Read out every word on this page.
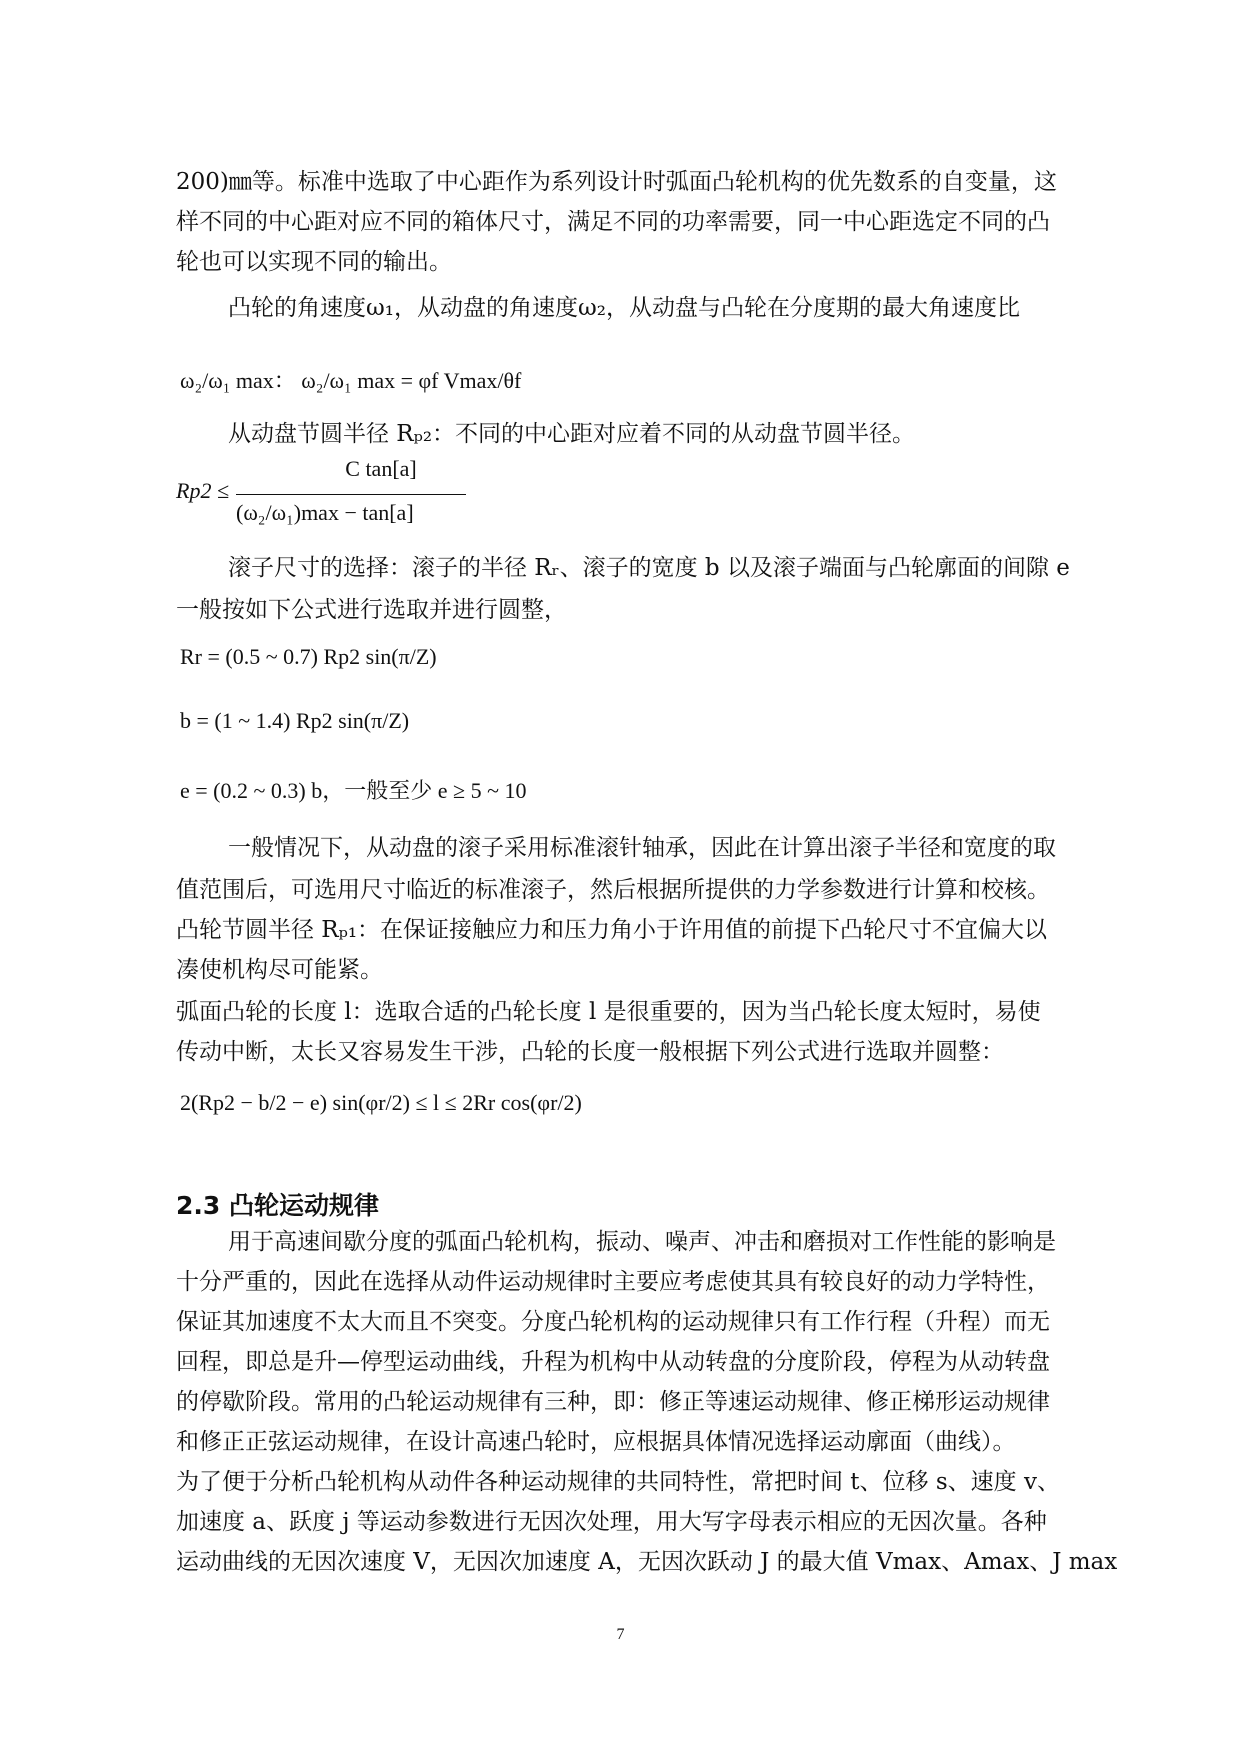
200)㎜等。标准中选取了中心距作为系列设计时弧面凸轮机构的优先数系的自变量，这
样不同的中心距对应不同的箱体尺寸，满足不同的功率需要，同一中心距选定不同的凸
轮也可以实现不同的输出。
凸轮的角速度ω₁，从动盘的角速度ω₂，从动盘与凸轮在分度期的最大角速度比
ω₂/ω₁ max： ω₂/ω₁ max = φf Vmax/θf
从动盘节圆半径 Rₚ₂：不同的中心距对应着不同的从动盘节圆半径。
Rp2 ≤
C tan[a]
(ω₂/ω₁)max − tan[a]
滚子尺寸的选择：滚子的半径 Rᵣ、滚子的宽度 b 以及滚子端面与凸轮廓面的间隙 e
一般按如下公式进行选取并进行圆整，
Rr = (0.5 ~ 0.7) Rp2 sin(π/Z)
b = (1 ~ 1.4) Rp2 sin(π/Z)
e = (0.2 ~ 0.3) b，一般至少 e ≥ 5 ~ 10
一般情况下，从动盘的滚子采用标准滚针轴承，因此在计算出滚子半径和宽度的取
值范围后，可选用尺寸临近的标准滚子，然后根据所提供的力学参数进行计算和校核。
凸轮节圆半径 Rₚ₁：在保证接触应力和压力角小于许用值的前提下凸轮尺寸不宜偏大以
凑使机构尽可能紧。
弧面凸轮的长度 l：选取合适的凸轮长度 l 是很重要的，因为当凸轮长度太短时，易使
传动中断，太长又容易发生干涉，凸轮的长度一般根据下列公式进行选取并圆整：
2(Rp2 − b/2 − e) sin(φr/2) ≤ l ≤ 2Rr cos(φr/2)
2.3 凸轮运动规律
用于高速间歇分度的弧面凸轮机构，振动、噪声、冲击和磨损对工作性能的影响是
十分严重的，因此在选择从动件运动规律时主要应考虑使其具有较良好的动力学特性，
保证其加速度不太大而且不突变。分度凸轮机构的运动规律只有工作行程（升程）而无
回程，即总是升—停型运动曲线，升程为机构中从动转盘的分度阶段，停程为从动转盘
的停歇阶段。常用的凸轮运动规律有三种，即：修正等速运动规律、修正梯形运动规律
和修正正弦运动规律，在设计高速凸轮时，应根据具体情况选择运动廓面（曲线）。
为了便于分析凸轮机构从动件各种运动规律的共同特性，常把时间 t、位移 s、速度 v、
加速度 a、跃度 j 等运动参数进行无因次处理，用大写字母表示相应的无因次量。各种
运动曲线的无因次速度 V，无因次加速度 A，无因次跃动 J 的最大值 Vmax、Amax、J max
7
